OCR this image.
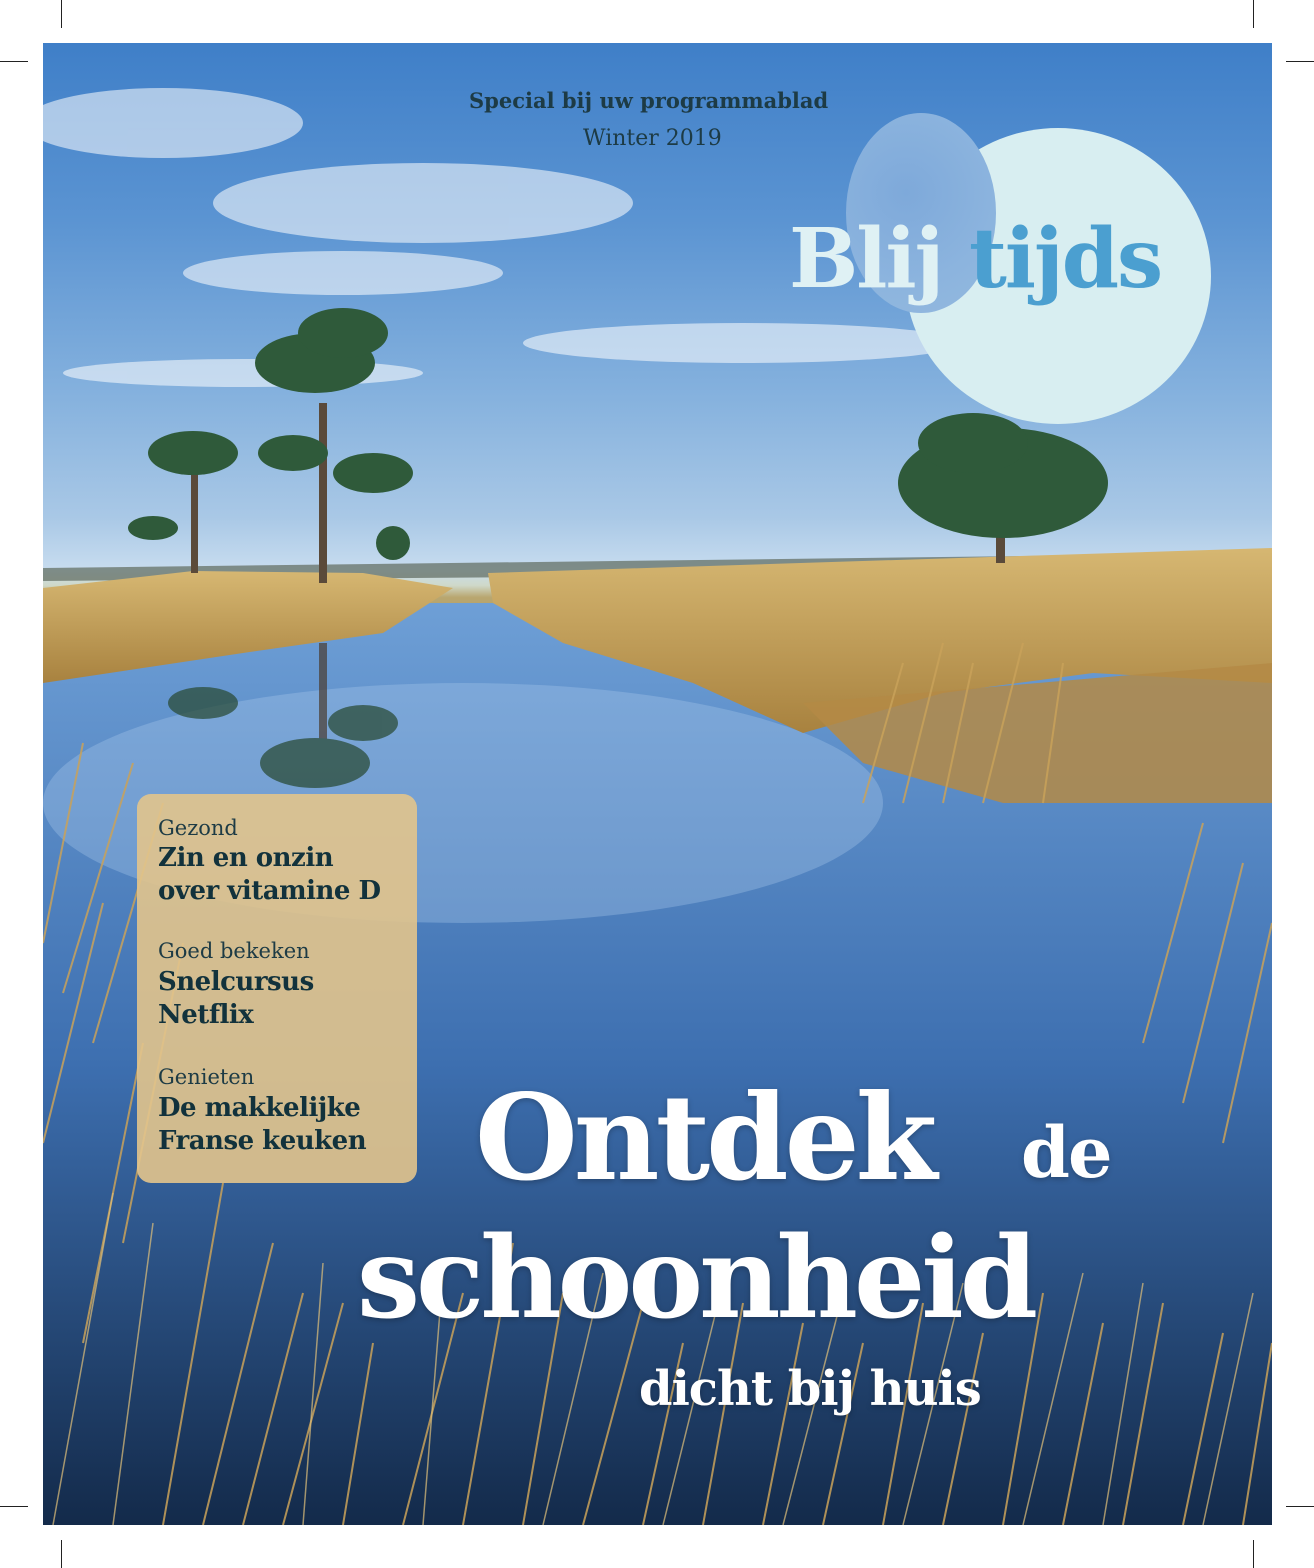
Special bij uw programmablad
Winter 2019
Blij tijds
Gezond
Zin en onzin
over vitamine D
Goed bekeken
Snelcursus
Netflix
Genieten
De makkelijke
Franse keuken Ontdek de
schoonheid
dicht bij huis
